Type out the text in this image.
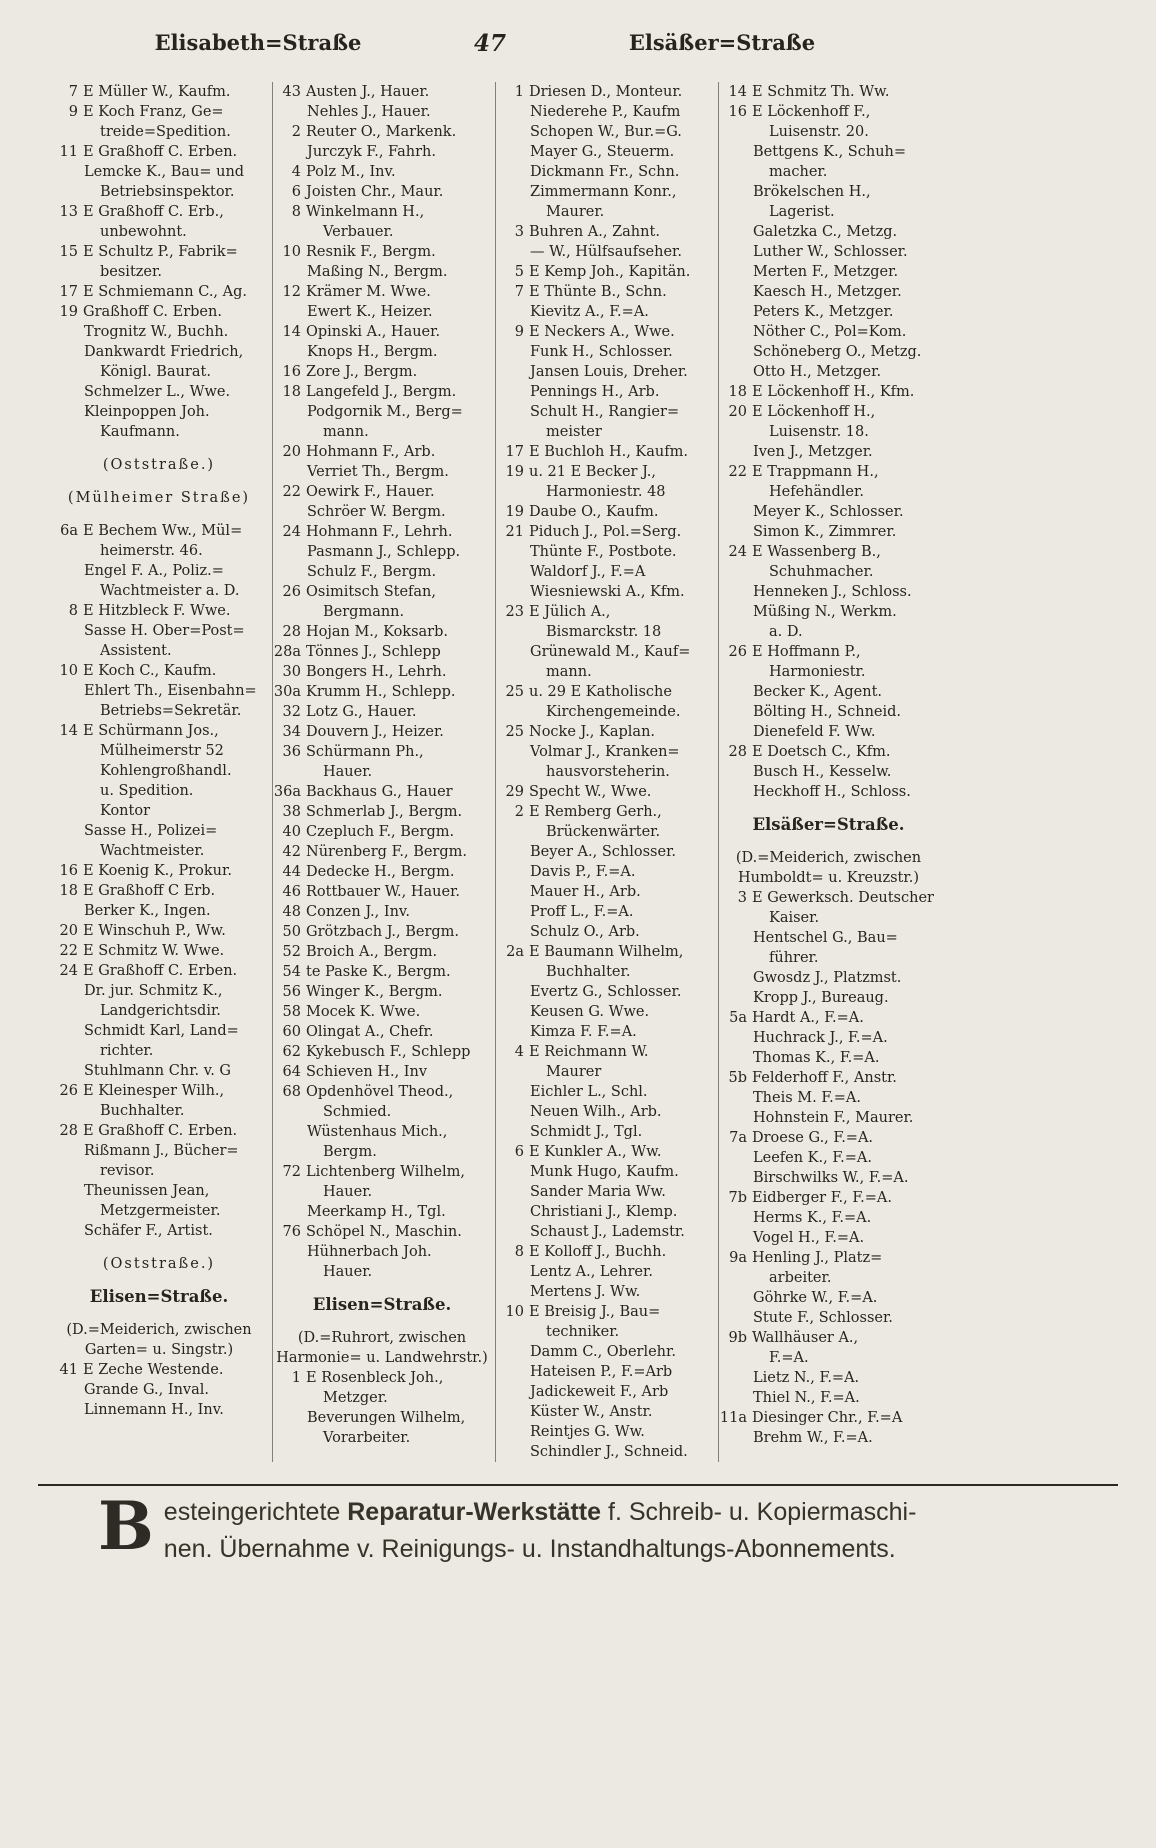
Elisabeth=Straße	47	Elsäßer=Straße
7 E Müller W., Kaufm.
9 E Koch Franz, Ge=
treide=Spedition.
11 E Graßhoff C. Erben.
Lemcke K., Bau= und
Betriebsinspektor.
13 E Graßhoff C. Erb.,
unbewohnt.
15 E Schultz P., Fabrik=
besitzer.
17 E Schmiemann C., Ag.
19 Graßhoff C. Erben.
Trognitz W., Buchh.
Dankwardt Friedrich,
Königl. Baurat.
Schmelzer L., Wwe.
Kleinpoppen Joh.
Kaufmann.
(Oststraße.)
(Mülheimer Straße)
6a E Bechem Ww., Mül=
heimerstr. 46.
Engel F. A., Poliz.=
Wachtmeister a. D.
8 E Hitzbleck F. Wwe.
Sasse H. Ober=Post=
Assistent.
10 E Koch C., Kaufm.
Ehlert Th., Eisenbahn=
Betriebs=Sekretär.
14 E Schürmann Jos.,
Mülheimerstr 52
Kohlengroßhandl.
u. Spedition.
Kontor
Sasse H., Polizei=
Wachtmeister.
16 E Koenig K., Prokur.
18 E Graßhoff C Erb.
Berker K., Ingen.
20 E Winschuh P., Ww.
22 E Schmitz W. Wwe.
24 E Graßhoff C. Erben.
Dr. jur. Schmitz K.,
Landgerichtsdir.
Schmidt Karl, Land=
richter.
Stuhlmann Chr. v. G
26 E Kleinesper Wilh.,
Buchhalter.
28 E Graßhoff C. Erben.
Rißmann J., Bücher=
revisor.
Theunissen Jean,
Metzgermeister.
Schäfer F., Artist.
(Oststraße.)
Elisen=Straße.
(D.=Meiderich, zwischen
Garten= u. Singstr.)
41 E Zeche Westende.
Grande G., Inval.
Linnemann H., Inv.
43 Austen J., Hauer.
Nehles J., Hauer.
2 Reuter O., Markenk.
Jurczyk F., Fahrh.
4 Polz M., Inv.
6 Joisten Chr., Maur.
8 Winkelmann H.,
Verbauer.
10 Resnik F., Bergm.
Maßing N., Bergm.
12 Krämer M. Wwe.
Ewert K., Heizer.
14 Opinski A., Hauer.
Knops H., Bergm.
16 Zore J., Bergm.
18 Langefeld J., Bergm.
Podgornik M., Berg=
mann.
20 Hohmann F., Arb.
Verriet Th., Bergm.
22 Oewirk F., Hauer.
Schröer W. Bergm.
24 Hohmann F., Lehrh.
Pasmann J., Schlepp.
Schulz F., Bergm.
26 Osimitsch Stefan,
Bergmann.
28 Hojan M., Koksarb.
28a Tönnes J., Schlepp
30 Bongers H., Lehrh.
30a Krumm H., Schlepp.
32 Lotz G., Hauer.
34 Douvern J., Heizer.
36 Schürmann Ph.,
Hauer.
36a Backhaus G., Hauer
38 Schmerlab J., Bergm.
40 Czepluch F., Bergm.
42 Nürenberg F., Bergm.
44 Dedecke H., Bergm.
46 Rottbauer W., Hauer.
48 Conzen J., Inv.
50 Grötzbach J., Bergm.
52 Broich A., Bergm.
54 te Paske K., Bergm.
56 Winger K., Bergm.
58 Mocek K. Wwe.
60 Olingat A., Chefr.
62 Kykebusch F., Schlepp
64 Schieven H., Inv
68 Opdenhövel Theod.,
Schmied.
Wüstenhaus Mich.,
Bergm.
72 Lichtenberg Wilhelm,
Hauer.
Meerkamp H., Tgl.
76 Schöpel N., Maschin.
Hühnerbach Joh.
Hauer.
Elisen=Straße.
(D.=Ruhrort, zwischen
Harmonie= u. Landwehrstr.)
1 E Rosenbleck Joh.,
Metzger.
Beverungen Wilhelm,
Vorarbeiter.
1 Driesen D., Monteur.
Niederehe P., Kaufm
Schopen W., Bur.=G.
Mayer G., Steuerm.
Dickmann Fr., Schn.
Zimmermann Konr.,
Maurer.
3 Buhren A., Zahnt.
— W., Hülfsaufseher.
5 E Kemp Joh., Kapitän.
7 E Thünte B., Schn.
Kievitz A., F.=A.
9 E Neckers A., Wwe.
Funk H., Schlosser.
Jansen Louis, Dreher.
Pennings H., Arb.
Schult H., Rangier=
meister
17 E Buchloh H., Kaufm.
19 u. 21 E Becker J.,
Harmoniestr. 48
19 Daube O., Kaufm.
21 Piduch J., Pol.=Serg.
Thünte F., Postbote.
Waldorf J., F.=A
Wiesniewski A., Kfm.
23 E Jülich A.,
Bismarckstr. 18
Grünewald M., Kauf=
mann.
25 u. 29 E Katholische
Kirchengemeinde.
25 Nocke J., Kaplan.
Volmar J., Kranken=
hausvorsteherin.
29 Specht W., Wwe.
2 E Remberg Gerh.,
Brückenwärter.
Beyer A., Schlosser.
Davis P., F.=A.
Mauer H., Arb.
Proff L., F.=A.
Schulz O., Arb.
2a E Baumann Wilhelm,
Buchhalter.
Evertz G., Schlosser.
Keusen G. Wwe.
Kimza F. F.=A.
4 E Reichmann W.
Maurer
Eichler L., Schl.
Neuen Wilh., Arb.
Schmidt J., Tgl.
6 E Kunkler A., Ww.
Munk Hugo, Kaufm.
Sander Maria Ww.
Christiani J., Klemp.
Schaust J., Lademstr.
8 E Kolloff J., Buchh.
Lentz A., Lehrer.
Mertens J. Ww.
10 E Breisig J., Bau=
techniker.
Damm C., Oberlehr.
Hateisen P., F.=Arb
Jadickeweit F., Arb
Küster W., Anstr.
Reintjes G. Ww.
Schindler J., Schneid.
14 E Schmitz Th. Ww.
16 E Löckenhoff F.,
Luisenstr. 20.
Bettgens K., Schuh=
macher.
Brökelschen H.,
Lagerist.
Galetzka C., Metzg.
Luther W., Schlosser.
Merten F., Metzger.
Kaesch H., Metzger.
Peters K., Metzger.
Nöther C., Pol=Kom.
Schöneberg O., Metzg.
Otto H., Metzger.
18 E Löckenhoff H., Kfm.
20 E Löckenhoff H.,
Luisenstr. 18.
Iven J., Metzger.
22 E Trappmann H.,
Hefehändler.
Meyer K., Schlosser.
Simon K., Zimmrer.
24 E Wassenberg B.,
Schuhmacher.
Henneken J., Schloss.
Müßing N., Werkm.
a. D.
26 E Hoffmann P.,
Harmoniestr.
Becker K., Agent.
Bölting H., Schneid.
Dienefeld F. Ww.
28 E Doetsch C., Kfm.
Busch H., Kesselw.
Heckhoff H., Schloss.
Elsäßer=Straße.
(D.=Meiderich, zwischen
Humboldt= u. Kreuzstr.)
3 E Gewerksch. Deutscher
Kaiser.
Hentschel G., Bau=
führer.
Gwosdz J., Platzmst.
Kropp J., Bureaug.
5a Hardt A., F.=A.
Huchrack J., F.=A.
Thomas K., F.=A.
5b Felderhoff F., Anstr.
Theis M. F.=A.
Hohnstein F., Maurer.
7a Droese G., F.=A.
Leefen K., F.=A.
Birschwilks W., F.=A.
7b Eidberger F., F.=A.
Herms K., F.=A.
Vogel H., F.=A.
9a Henling J., Platz=
arbeiter.
Göhrke W., F.=A.
Stute F., Schlosser.
9b Wallhäuser A.,
F.=A.
Lietz N., F.=A.
Thiel N., F.=A.
11a Diesinger Chr., F.=A
Brehm W., F.=A.
B esteingerichtete Reparatur-Werkstätte f. Schreib- u. Kopiermaschi-
nen. Übernahme v. Reinigungs- u. Instandhaltungs-Abonnements.
